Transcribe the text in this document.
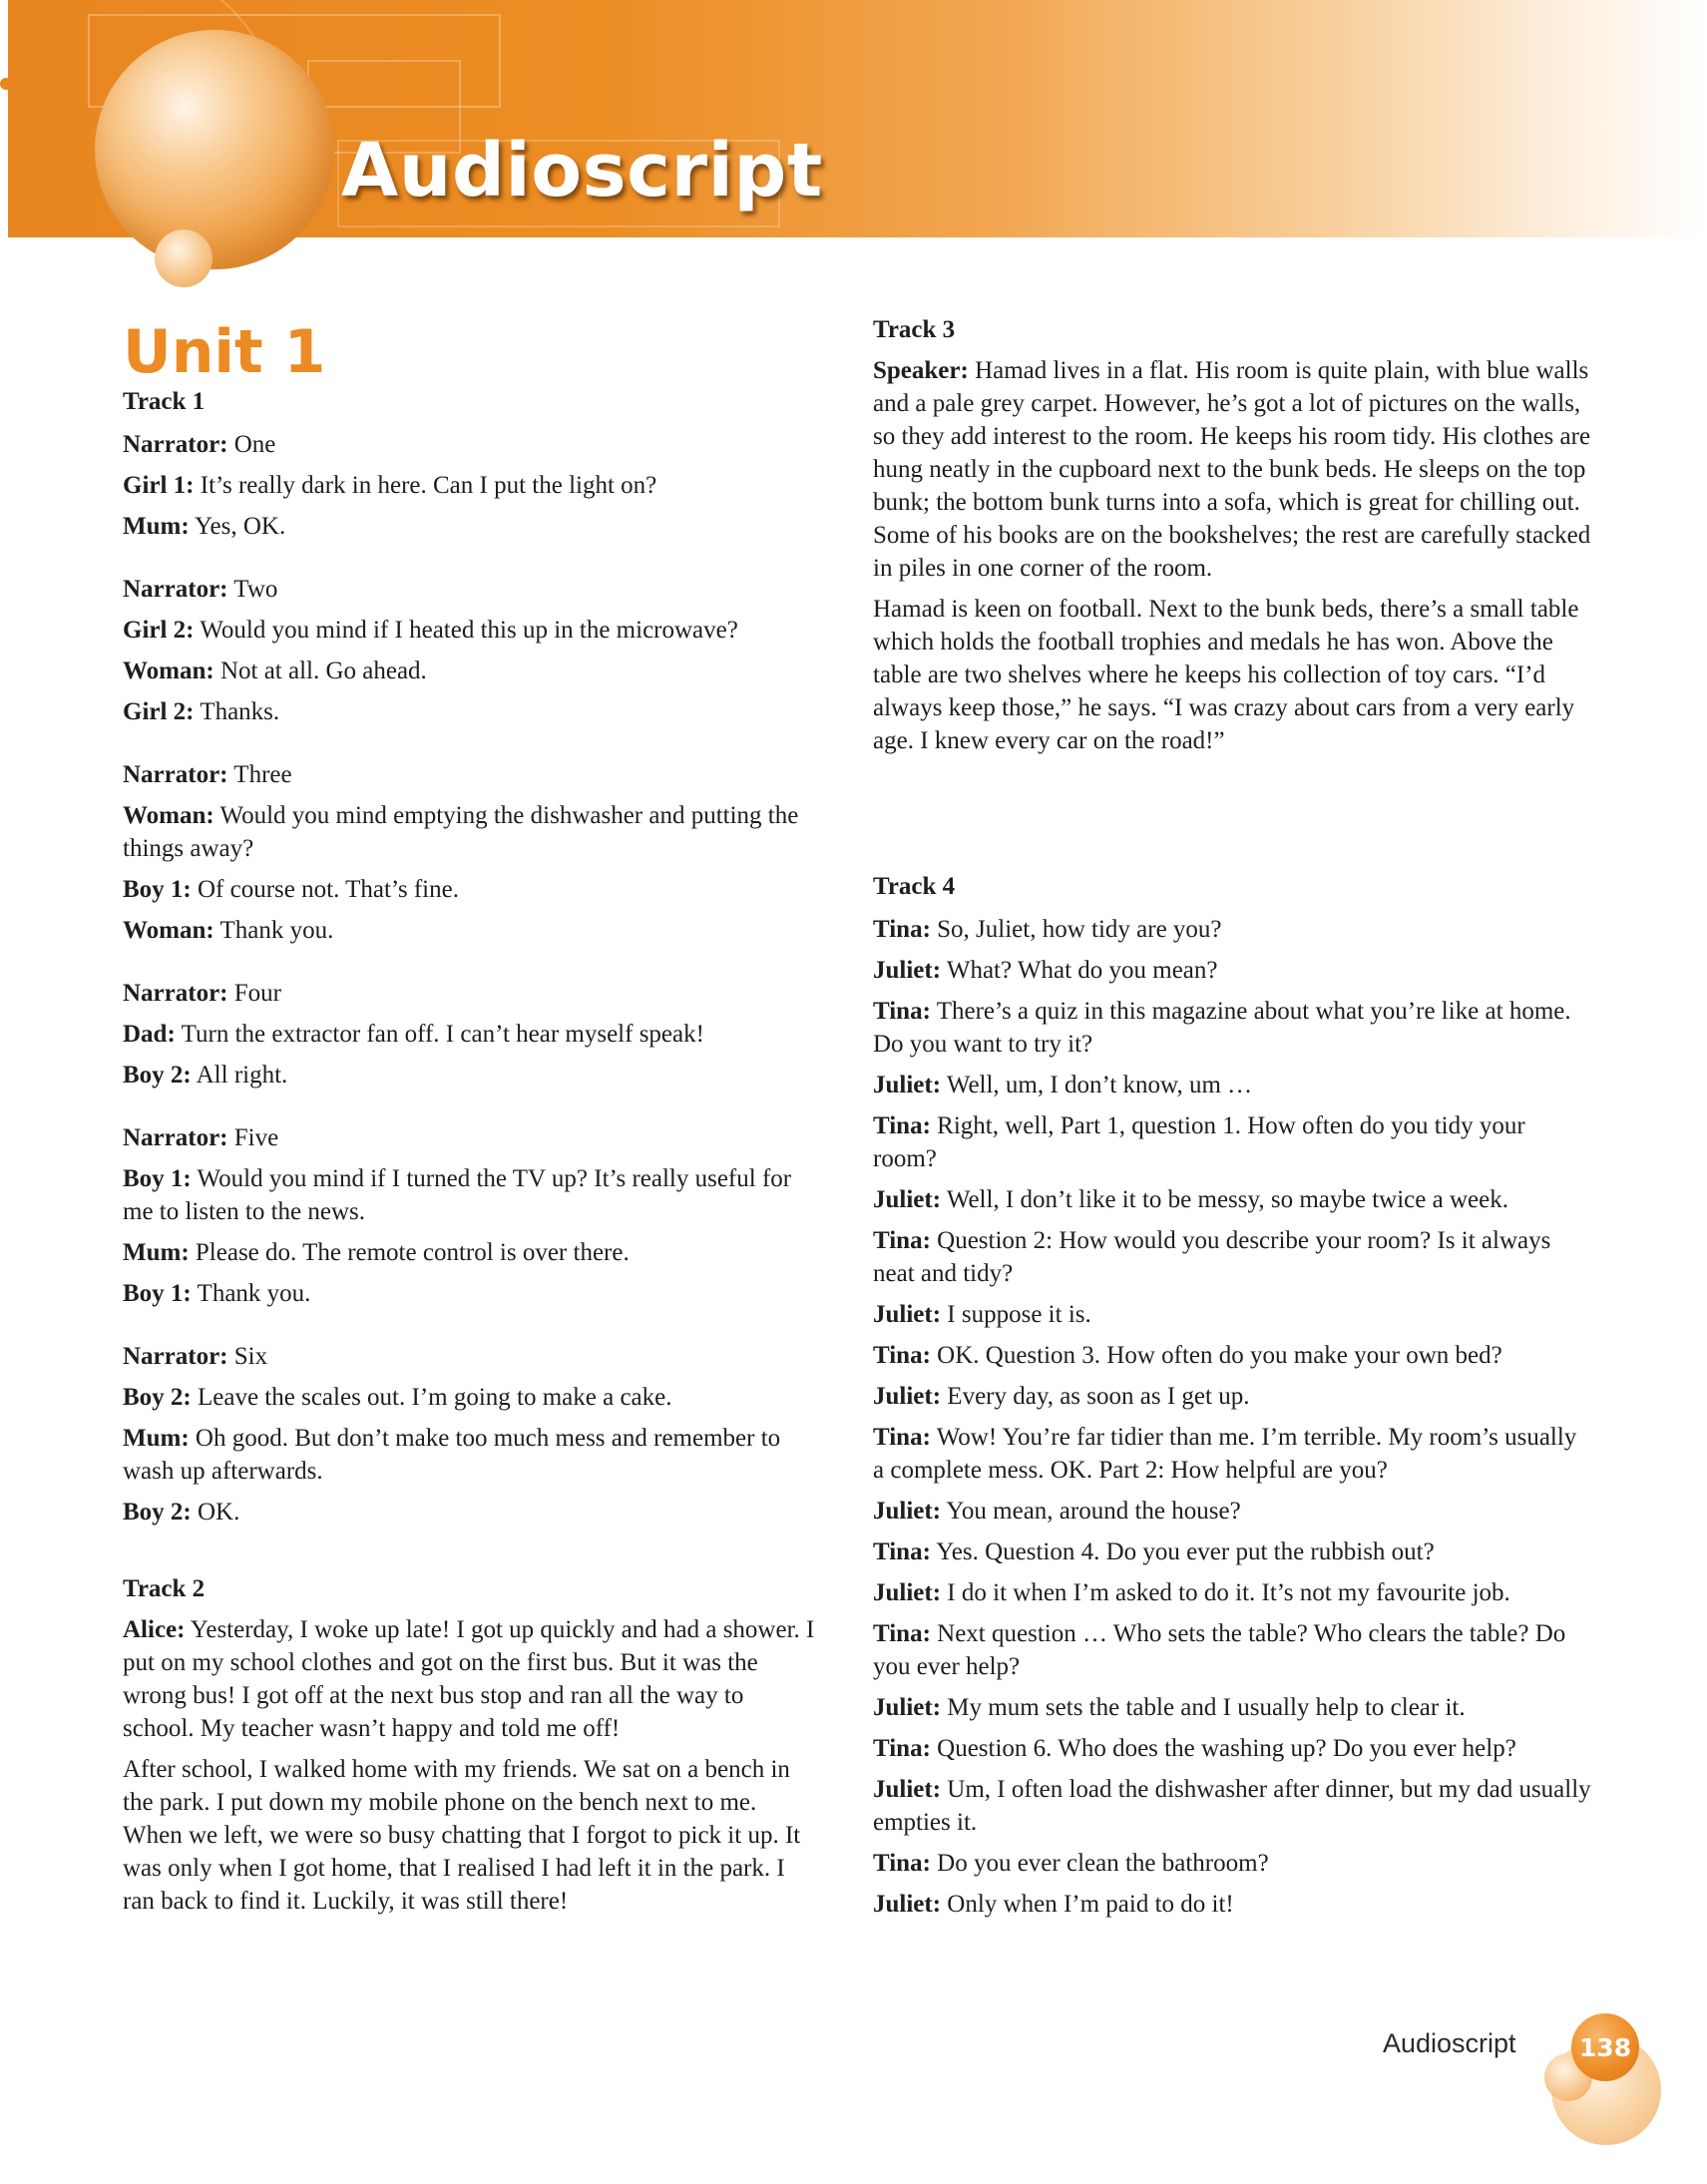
Audioscript
Unit 1

Track 1

Narrator: One

Girl 1: It’s really dark in here. Can I put the light on?

Mum: Yes, OK.

Narrator: Two

Girl 2: Would you mind if I heated this up in the microwave?

Woman: Not at all. Go ahead.

Girl 2: Thanks.

Narrator: Three

Woman: Would you mind emptying the dishwasher and putting the things away?

Boy 1: Of course not. That’s fine.

Woman: Thank you.

Narrator: Four

Dad: Turn the extractor fan off. I can’t hear myself speak!

Boy 2: All right.

Narrator: Five

Boy 1: Would you mind if I turned the TV up? It’s really useful for me to listen to the news.

Mum: Please do. The remote control is over there.

Boy 1: Thank you.

Narrator: Six

Boy 2: Leave the scales out. I’m going to make a cake.

Mum: Oh good. But don’t make too much mess and remember to wash up afterwards.

Boy 2: OK.

Track 2

Alice: Yesterday, I woke up late! I got up quickly and had a shower. I put on my school clothes and got on the first bus. But it was the wrong bus! I got off at the next bus stop and ran all the way to school. My teacher wasn’t happy and told me off!

After school, I walked home with my friends. We sat on a bench in the park. I put down my mobile phone on the bench next to me. When we left, we were so busy chatting that I forgot to pick it up. It was only when I got home, that I realised I had left it in the park. I ran back to find it. Luckily, it was still there!

Track 3

Speaker: Hamad lives in a flat. His room is quite plain, with blue walls and a pale grey carpet. However, he’s got a lot of pictures on the walls, so they add interest to the room. He keeps his room tidy. His clothes are hung neatly in the cupboard next to the bunk beds. He sleeps on the top bunk; the bottom bunk turns into a sofa, which is great for chilling out. Some of his books are on the bookshelves; the rest are carefully stacked in piles in one corner of the room.

Hamad is keen on football. Next to the bunk beds, there’s a small table which holds the football trophies and medals he has won. Above the table are two shelves where he keeps his collection of toy cars. “I’d always keep those,” he says. “I was crazy about cars from a very early age. I knew every car on the road!”

Track 4

Tina: So, Juliet, how tidy are you?

Juliet: What? What do you mean?

Tina: There’s a quiz in this magazine about what you’re like at home. Do you want to try it?

Juliet: Well, um, I don’t know, um …

Tina: Right, well, Part 1, question 1. How often do you tidy your room?

Juliet: Well, I don’t like it to be messy, so maybe twice a week.

Tina: Question 2: How would you describe your room? Is it always neat and tidy?

Juliet: I suppose it is.

Tina: OK. Question 3. How often do you make your own bed?

Juliet: Every day, as soon as I get up.

Tina: Wow! You’re far tidier than me. I’m terrible. My room’s usually a complete mess. OK. Part 2: How helpful are you?

Juliet: You mean, around the house?

Tina: Yes. Question 4. Do you ever put the rubbish out?

Juliet: I do it when I’m asked to do it. It’s not my favourite job.

Tina: Next question … Who sets the table? Who clears the table? Do you ever help?

Juliet: My mum sets the table and I usually help to clear it.

Tina: Question 6. Who does the washing up? Do you ever help?

Juliet: Um, I often load the dishwasher after dinner, but my dad usually empties it.

Tina: Do you ever clean the bathroom?

Juliet: Only when I’m paid to do it!

Audioscript	138
